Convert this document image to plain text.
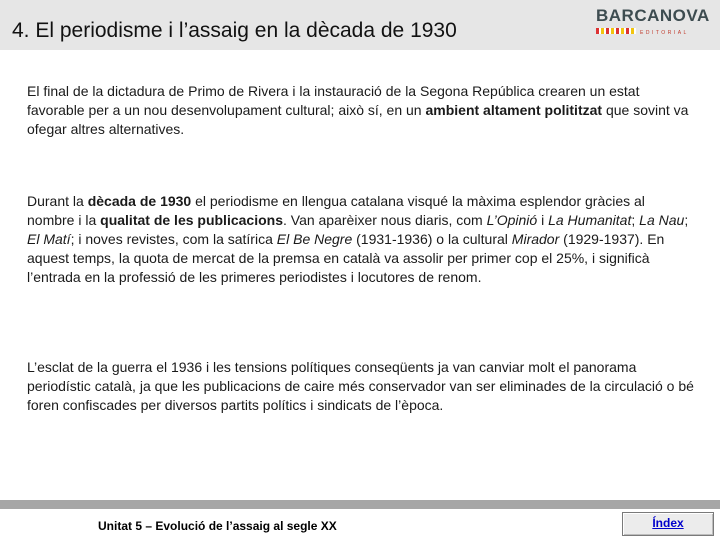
4. El periodisme i l’assaig en la dècada de 1930
BARCANOVA
EDITORIAL
El final de la dictadura de Primo de Rivera i la instauració de la Segona República crearen un estat favorable per a un nou desenvolupament cultural; això sí, en un ambient altament polititzat que sovint va ofegar altres alternatives.
Durant la dècada de 1930 el periodisme en llengua catalana visqué la màxima esplendor gràcies al nombre i la qualitat de les publicacions. Van aparèixer nous diaris, com L’Opinió i La Humanitat; La Nau; El Matí; i noves revistes, com la satírica El Be Negre (1931-1936) o la cultural Mirador (1929-1937). En aquest temps, la quota de mercat de la premsa en català va assolir per primer cop el 25%, i significà l’entrada en la professió de les primeres periodistes i locutores de renom.
L’esclat de la guerra el 1936 i les tensions polítiques conseqüents ja van canviar molt el panorama periodístic català, ja que les publicacions de caire més conservador van ser eliminades de la circulació o bé foren confiscades per diversos partits polítics i sindicats de l’època.
Unitat 5 – Evolució de l’assaig al segle XX	Índex
